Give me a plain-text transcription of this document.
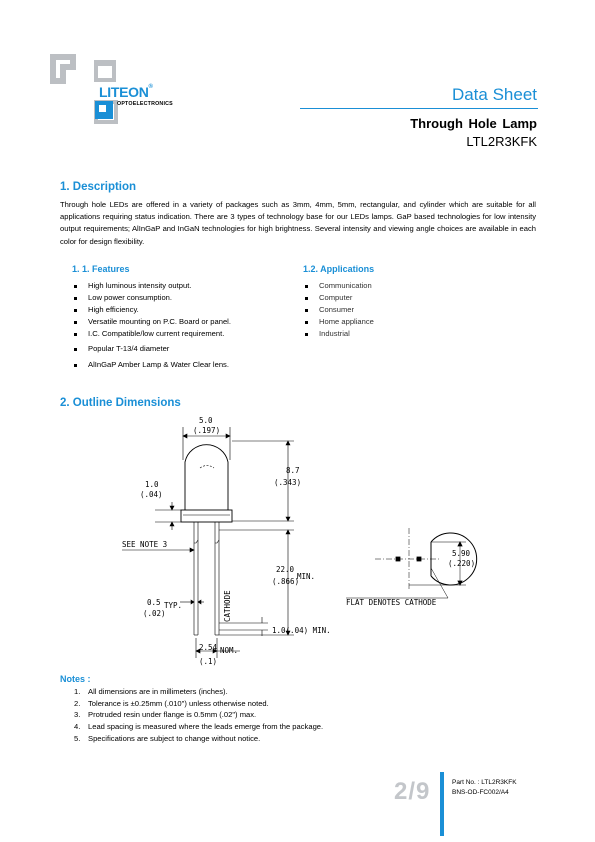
LITEON®
OPTOELECTRONICS	Data Sheet
Through Hole Lamp
LTL2R3KFK
1. Description
Through hole LEDs are offered in a variety of packages such as 3mm, 4mm, 5mm, rectangular, and cylinder which are suitable for all applications requiring status indication. There are 3 types of technology base for our LEDs lamps. GaP based technologies for low intensity output requirements; AlInGaP and InGaN technologies for high brightness. Several intensity and viewing angle choices are available in each color for design flexibility.
1. 1. Features
High luminous intensity output.
Low power consumption.
High efficiency.
Versatile mounting on P.C. Board or panel.
I.C. Compatible/low current requirement.
Popular T-13/4 diameter
AlInGaP Amber Lamp & Water Clear lens.
1.2. Applications
Communication
Computer
Consumer
Home appliance
Industrial
2. Outline Dimensions
5.0
(.197)
8.7
(.343)
1.0
(.04)
SEE NOTE 3
22.0
MIN.
(.866)
0.5 TYP.
(.02)	CATHODE
1.0(.04) MIN.
2.54 NOM.
(.1)
5.90
(.220)
FLAT DENOTES CATHODE
Notes :
1. All dimensions are in millimeters (inches).
2. Tolerance is ±0.25mm (.010") unless otherwise noted.
3. Protruded resin under flange is 0.5mm (.02") max.
4. Lead spacing is measured where the leads emerge from the package.
5. Specifications are subject to change without notice.
2/9	Part No. : LTL2R3KFK
BNS-OD-FC002/A4
